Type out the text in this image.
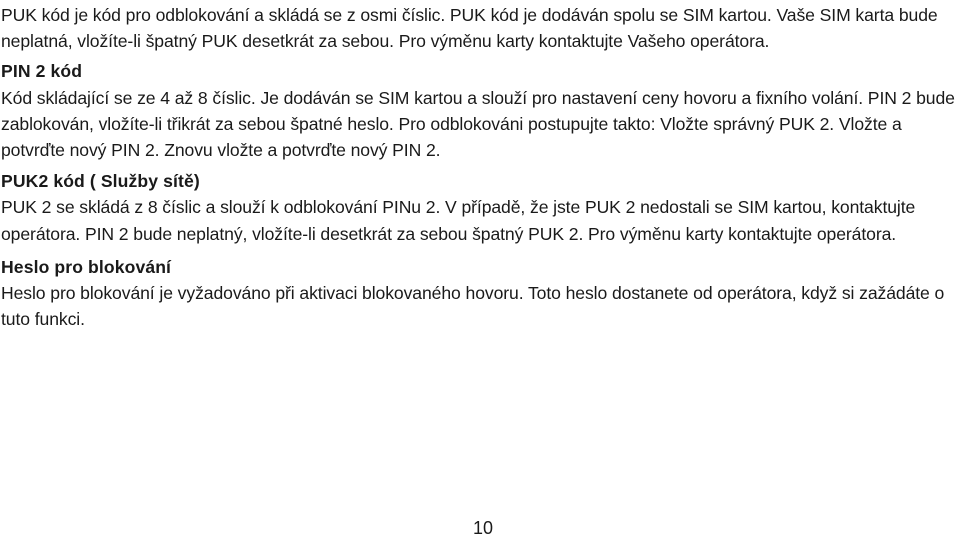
PUK kód je kód pro odblokování a skládá se z osmi číslic. PUK kód je dodáván spolu se SIM kartou. Vaše SIM karta bude neplatná, vložíte-li špatný PUK desetkrát za sebou. Pro výměnu karty kontaktujte Vašeho operátora.

PIN 2 kód

Kód skládající se ze 4 až 8 číslic. Je dodáván se SIM kartou a slouží pro nastavení ceny hovoru a fixního volání. PIN 2 bude zablokován, vložíte-li třikrát za sebou špatné heslo. Pro odblokováni postupujte takto: Vložte správný PUK 2. Vložte a potvrďte nový PIN 2. Znovu vložte a potvrďte nový PIN 2.

PUK2 kód ( Služby sítě)

PUK 2 se skládá z 8 číslic a slouží k odblokování PINu 2. V případě, že jste PUK 2 nedostali se SIM kartou, kontaktujte operátora. PIN 2 bude neplatný, vložíte-li desetkrát za sebou špatný PUK 2. Pro výměnu karty kontaktujte operátora.

Heslo pro blokování

Heslo pro blokování je vyžadováno při aktivaci blokovaného hovoru. Toto heslo dostanete od operátora, když si zažádáte o tuto funkci.

10
